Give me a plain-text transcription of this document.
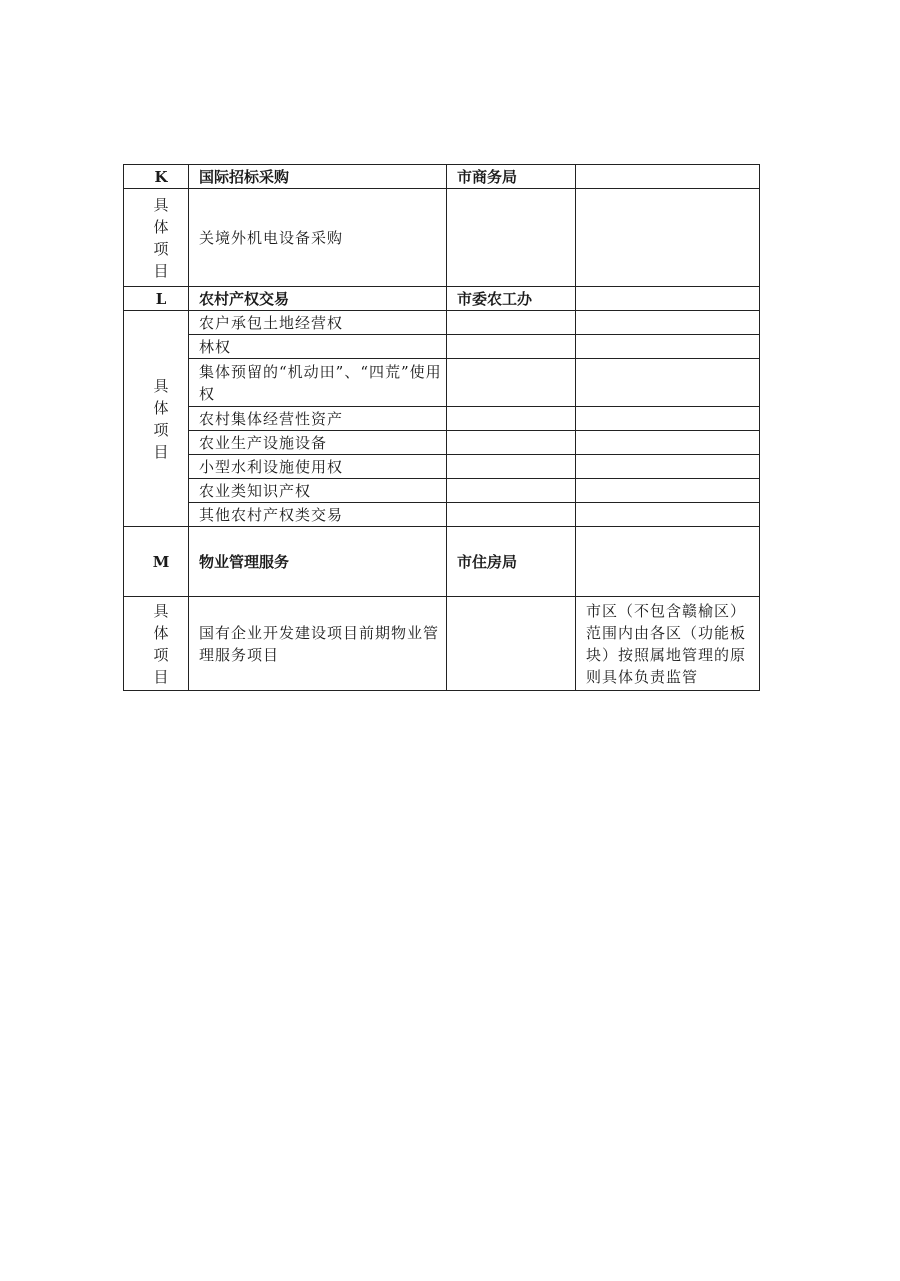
K	国际招标采购	市商务局	

具
体
项
目	关境外机电设备采购		
L	农村产权交易	市委农工办	

具
体
项
目	农户承包土地经营权		
	林权		
	集体预留的“机动田”、“四荒”使用权		
	农村集体经营性资产		
	农业生产设施设备		
	小型水利设施使用权		
	农业类知识产权		
	其他农村产权类交易		
M	物业管理服务	市住房局	

具
体
项
目	国有企业开发建设项目前期物业管理服务项目		市区（不包含赣榆区）范围内由各区（功能板块）按照属地管理的原则具体负责监管
